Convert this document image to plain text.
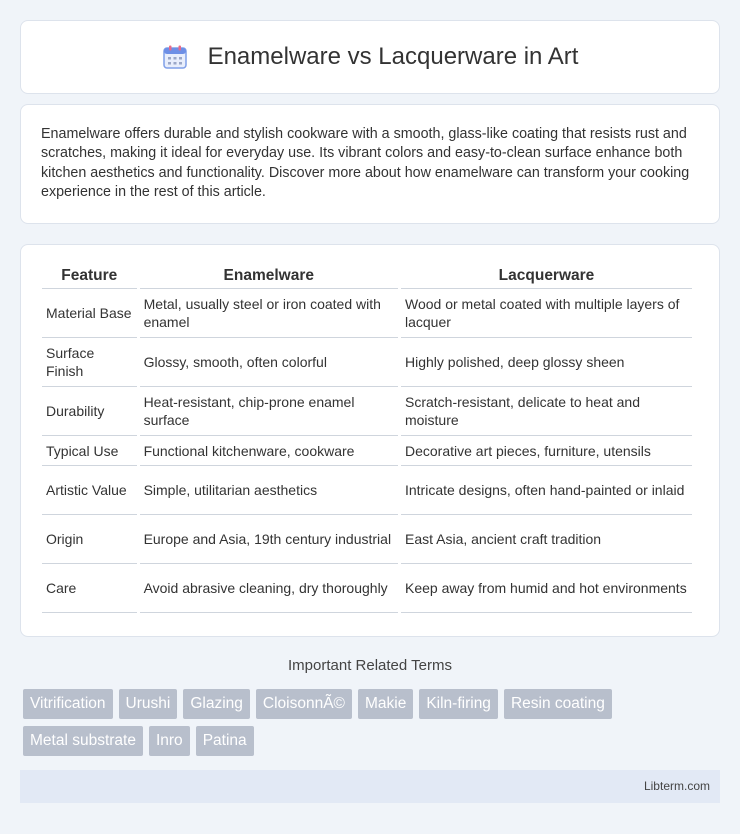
Enamelware vs Lacquerware in Art

Enamelware offers durable and stylish cookware with a smooth, glass-like coating that resists rust and scratches, making it ideal for everyday use. Its vibrant colors and easy-to-clean surface enhance both kitchen aesthetics and functionality. Discover more about how enamelware can transform your cooking experience in the rest of this article.

Feature	Enamelware	Lacquerware
Material Base	Metal, usually steel or iron coated with enamel	Wood or metal coated with multiple layers of lacquer
Surface Finish	Glossy, smooth, often colorful	Highly polished, deep glossy sheen
Durability	Heat-resistant, chip-prone enamel surface	Scratch-resistant, delicate to heat and moisture
Typical Use	Functional kitchenware, cookware	Decorative art pieces, furniture, utensils
Artistic Value	Simple, utilitarian aesthetics	Intricate designs, often hand-painted or inlaid
Origin	Europe and Asia, 19th century industrial	East Asia, ancient craft tradition
Care	Avoid abrasive cleaning, dry thoroughly	Keep away from humid and hot environments
Important Related Terms
Vitrification	Urushi	Glazing	CloisonnÃ©	Makie	Kiln-firing	Resin coating
Metal substrate	Inro	Patina
Libterm.com
